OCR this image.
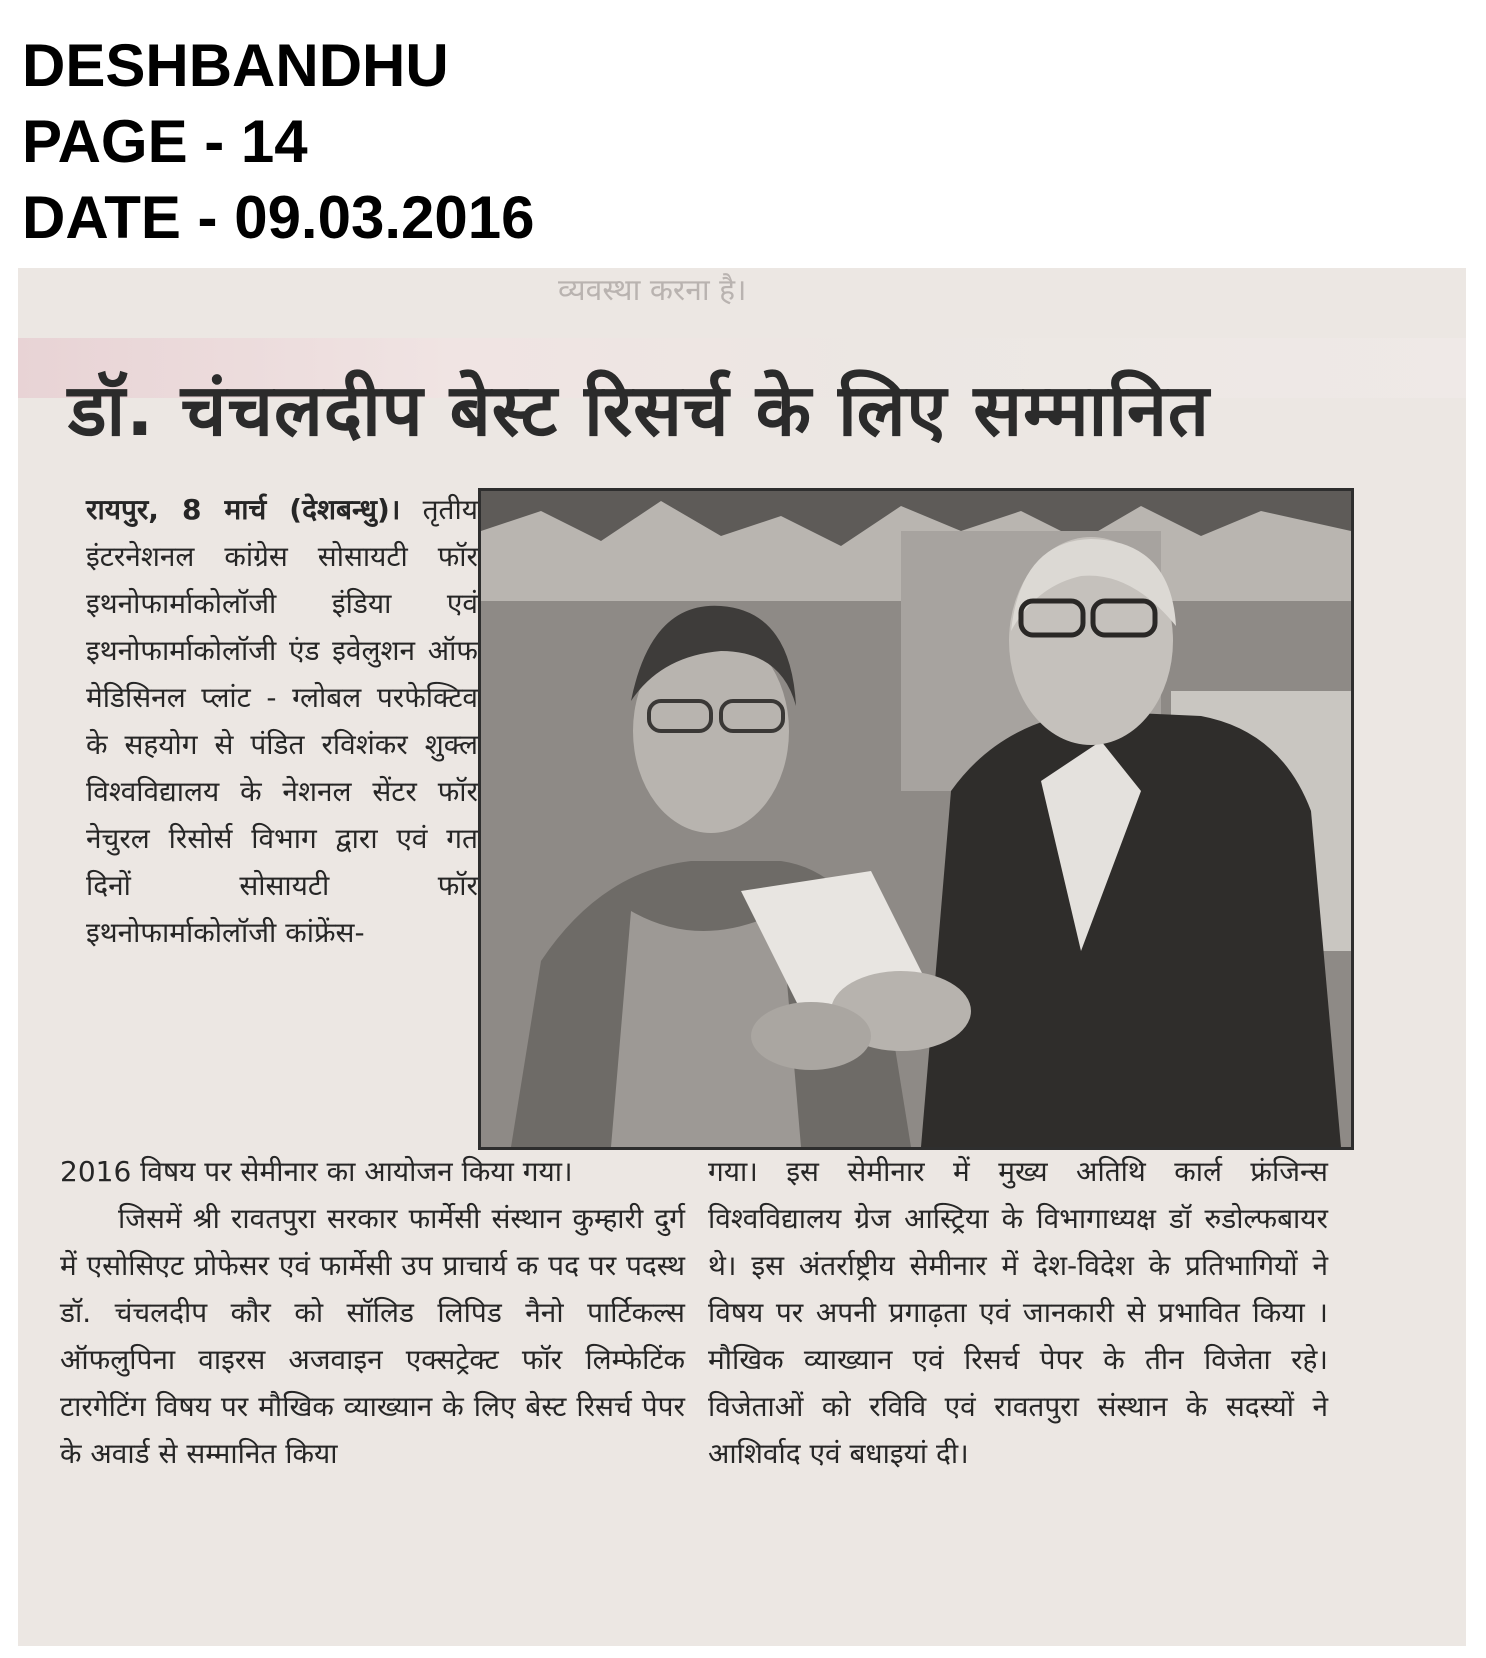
DESHBANDHU
PAGE - 14
DATE - 09.03.2016
व्यवस्था करना है।
डॉ. चंचलदीप बेस्ट रिसर्च के लिए सम्मानित

रायपुर, 8 मार्च (देशबन्धु)। तृतीय इंटरनेशनल कांग्रेस सोसायटी फॉर इथनोफार्माकोलॉजी इंडिया एवं इथनोफार्माकोलॉजी एंड इवेलुशन ऑफ मेडिसिनल प्लांट - ग्लोबल परफेक्टिव के सहयोग से पंडित रविशंकर शुक्ल विश्वविद्यालय के नेशनल सेंटर फॉर नेचुरल रिसोर्स विभाग द्वारा एवं गत दिनों सोसायटी फॉर इथनोफार्माकोलॉजी कांफ्रेंस-

2016 विषय पर सेमीनार का आयोजन किया गया।

जिसमें श्री रावतपुरा सरकार फार्मेसी संस्थान कुम्हारी दुर्ग में एसोसिएट प्रोफेसर एवं फार्मेसी उप प्राचार्य क पद पर पदस्थ डॉ. चंचलदीप कौर को सॉलिड लिपिड नैनो पार्टिकल्स ऑफलुपिना वाइरस अजवाइन एक्सट्रेक्ट फॉर लिम्फेटिंक टारगेटिंग विषय पर मौखिक व्याख्यान के लिए बेस्ट रिसर्च पेपर के अवार्ड से सम्मानित किया

गया। इस सेमीनार में मुख्य अतिथि कार्ल फ्रंजिन्स विश्वविद्यालय ग्रेज आस्ट्रिया के विभागाध्यक्ष डॉ रुडोल्फबायर थे। इस अंतर्राष्ट्रीय सेमीनार में देश-विदेश के प्रतिभागियों ने विषय पर अपनी प्रगाढ़ता एवं जानकारी से प्रभावित किया । मौखिक व्याख्यान एवं रिसर्च पेपर के तीन विजेता रहे। विजेताओं को रविवि एवं रावतपुरा संस्थान के सदस्यों ने आशिर्वाद एवं बधाइयां दी।
